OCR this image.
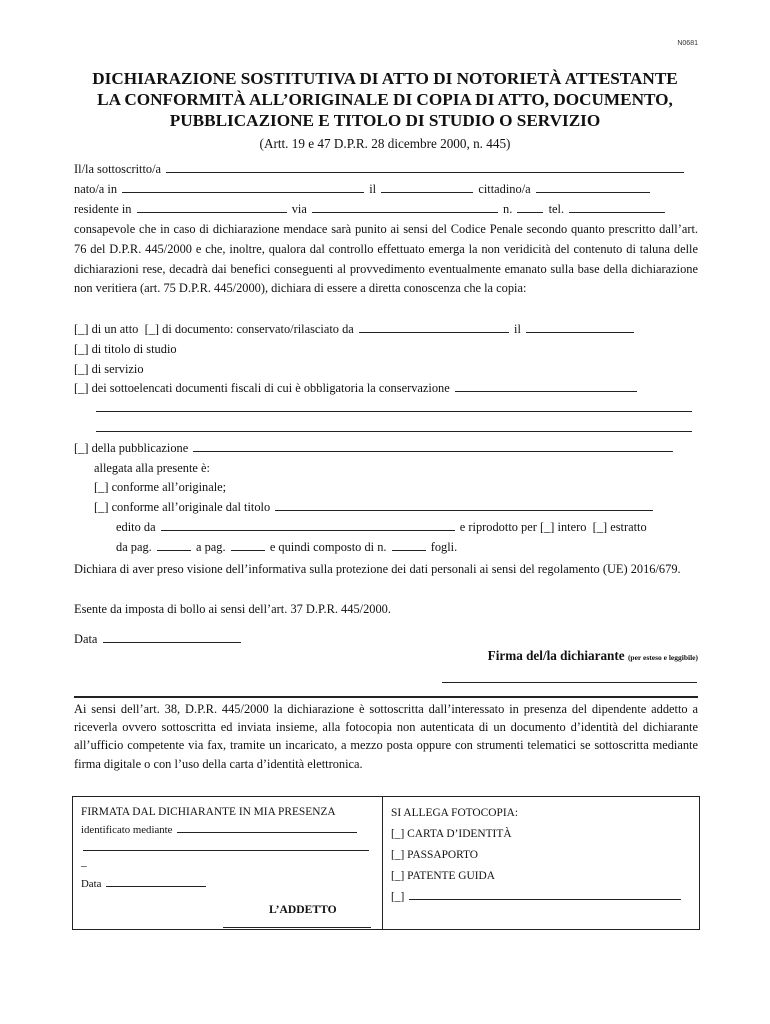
N0681
DICHIARAZIONE SOSTITUTIVA DI ATTO DI NOTORIETÀ ATTESTANTE
LA CONFORMITÀ ALL’ORIGINALE DI COPIA DI ATTO, DOCUMENTO,
PUBBLICAZIONE E TITOLO DI STUDIO O SERVIZIO
(Artt. 19 e 47 D.P.R. 28 dicembre 2000, n. 445)
Il/la sottoscritto/a
nato/a in	il	cittadino/a
residente in	via	n.	tel.
consapevole che in caso di dichiarazione mendace sarà punito ai sensi del Codice Penale secondo quanto prescritto dall’art. 76 del D.P.R. 445/2000 e che, inoltre, qualora dal controllo effettuato emerga la non veridicità del contenuto di taluna delle dichiarazioni rese, decadrà dai benefici conseguenti al provvedimento eventualmente emanato sulla base della dichiarazione non veritiera (art. 75 D.P.R. 445/2000), dichiara di essere a diretta conoscenza che la copia:
[_] di un atto [_] di documento: conservato/rilasciato da	il
[_] di titolo di studio
[_] di servizio
[_] dei sottoelencati documenti fiscali di cui è obbligatoria la conservazione
[_] della pubblicazione
allegata alla presente è:
[_] conforme all’originale;
[_] conforme all’originale dal titolo
edito da	e riprodotto per [_] intero [_] estratto
da pag.	a pag.	e quindi composto di n.	fogli.
Dichiara di aver preso visione dell’informativa sulla protezione dei dati personali ai sensi del regolamento (UE) 2016/679.
Esente da imposta di bollo ai sensi dell’art. 37 D.P.R. 445/2000.
Data
Firma del/la dichiarante (per esteso e leggibile)
Ai sensi dell’art. 38, D.P.R. 445/2000 la dichiarazione è sottoscritta dall’interessato in presenza del dipendente addetto a riceverla ovvero sottoscritta ed inviata insieme, alla fotocopia non autenticata di un documento d’identità del dichiarante all’ufficio competente via fax, tramite un incaricato, a mezzo posta oppure con strumenti telematici se sottoscritta mediante firma digitale o con l’uso della carta d’identità elettronica.
FIRMATA DAL DICHIARANTE IN MIA PRESENZA
identificato mediante
–
Data
L’ADDETTO
SI ALLEGA FOTOCOPIA:
[_] CARTA D’IDENTITÀ
[_] PASSAPORTO
[_] PATENTE GUIDA
[_]
